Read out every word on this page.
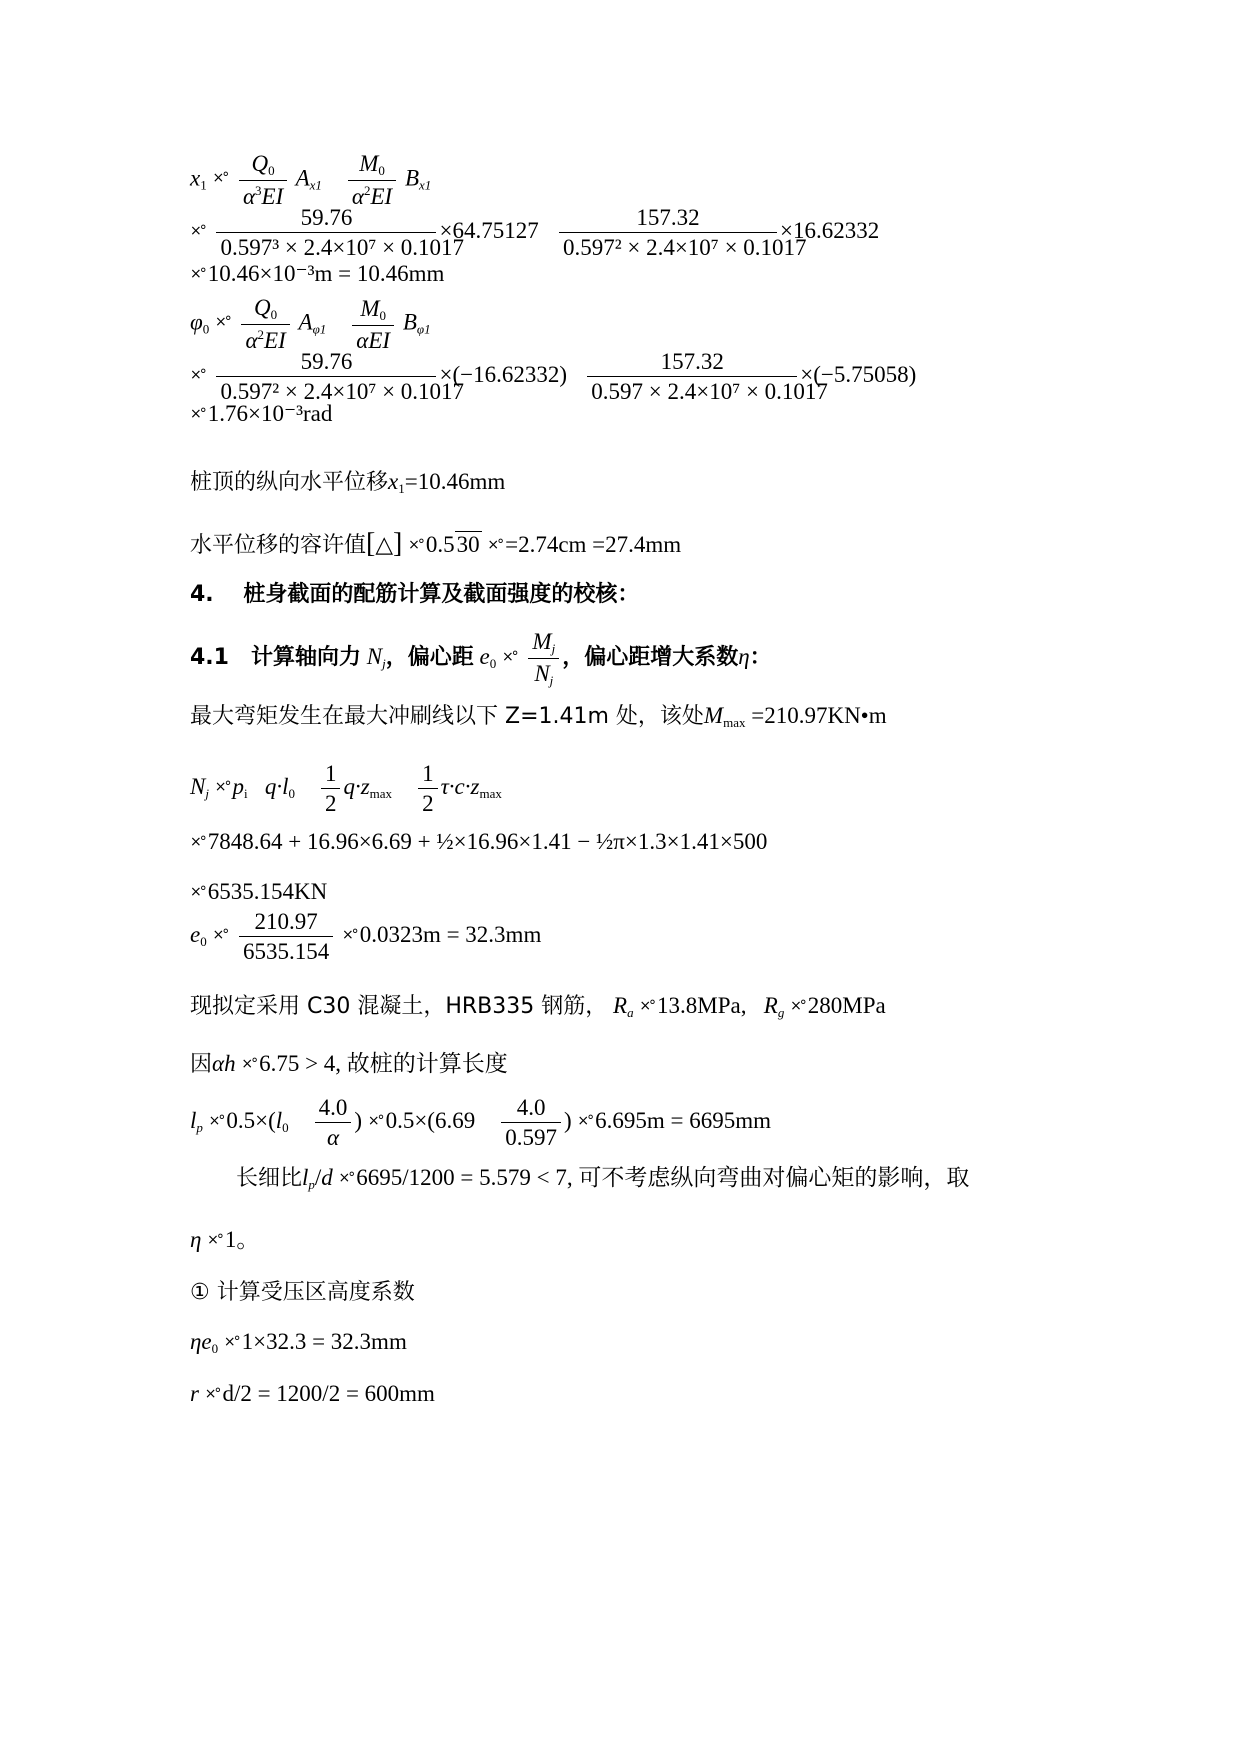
$x_1$ ×° $\frac{Q_0}{\alpha^3EI} A_{x1} \frac{M_0}{\alpha^2EI} B_{x1}$
×° $\frac{59.76}{\text{0.597³ × 2.4×10⁷ × 0.1017}} \times 64.75127 \frac{157.32}{\text{0.597² × 2.4×10⁷ × 0.1017}} \times 16.62332$
×° 10.46×10⁻³m = 10.46mm
$\varphi_0$ ×° $\frac{Q_0}{\alpha^2EI} A_{\varphi 1} \frac{M_0}{\text{αEI}} B_{\varphi 1}$
×° $\frac{59.76}{\text{0.597² × 2.4×10⁷ × 0.1017}} \times(-16.62332) \frac{157.32}{\text{0.597 × 2.4×10⁷ × 0.1017}} \times(-5.75058)$
×° 1.76×10⁻³rad
桩顶的纵向水平位移$x_1=10.46mm$
水平位移的容许值[△] ×° 0.530 ×° =2.74cm =27.4mm
4.　 桩身截面的配筋计算及截面强度的校核：
4.1　计算轴向力 $N_j$，偏心距 $e_0$ ×° $\frac{M_j}{N_j}$ ，偏心距增大系数η：
最大弯矩发生在最大冲刷线以下 Z=1.41m 处，该处$M_{max}$ =210.97KN•m
$N_j$ ×° $p_i$   $q\cdot l_0 \frac{1}{2} q\cdot z_{max} \frac{1}{2} \tau\cdot c\cdot z_{max}$
×° 7848.64 + 16.96×6.69 + ½×16.96×1.41 − ½π×1.3×1.41×500
×° 6535.154KN
$e_0$ ×° $\frac{210.97}{6535.154}$ ×° 0.0323m = 32.3mm
现拟定采用 C30 混凝土，HRB335 钢筋， $R_a$ ×° 13.8MPa, $R_g$ ×° 280MPa
因αh ×° 6.75 > 4, 故桩的计算长度
$l_p$ ×° $0.5\times(l_0 \frac{4.0}{\alpha}$ ) ×° $0.5\times(6.69 \frac{4.0}{0.597}$ ) ×° 6.695m = 6695mm
长细比$l_p/d$ ×° 6695/1200 = 5.579 < 7, 可不考虑纵向弯曲对偏心矩的影响，取
η ×° 1。
① 计算受压区高度系数
$\eta e_0$ ×° 1×32.3 = 32.3mm
r ×° d/2 = 1200/2 = 600mm
